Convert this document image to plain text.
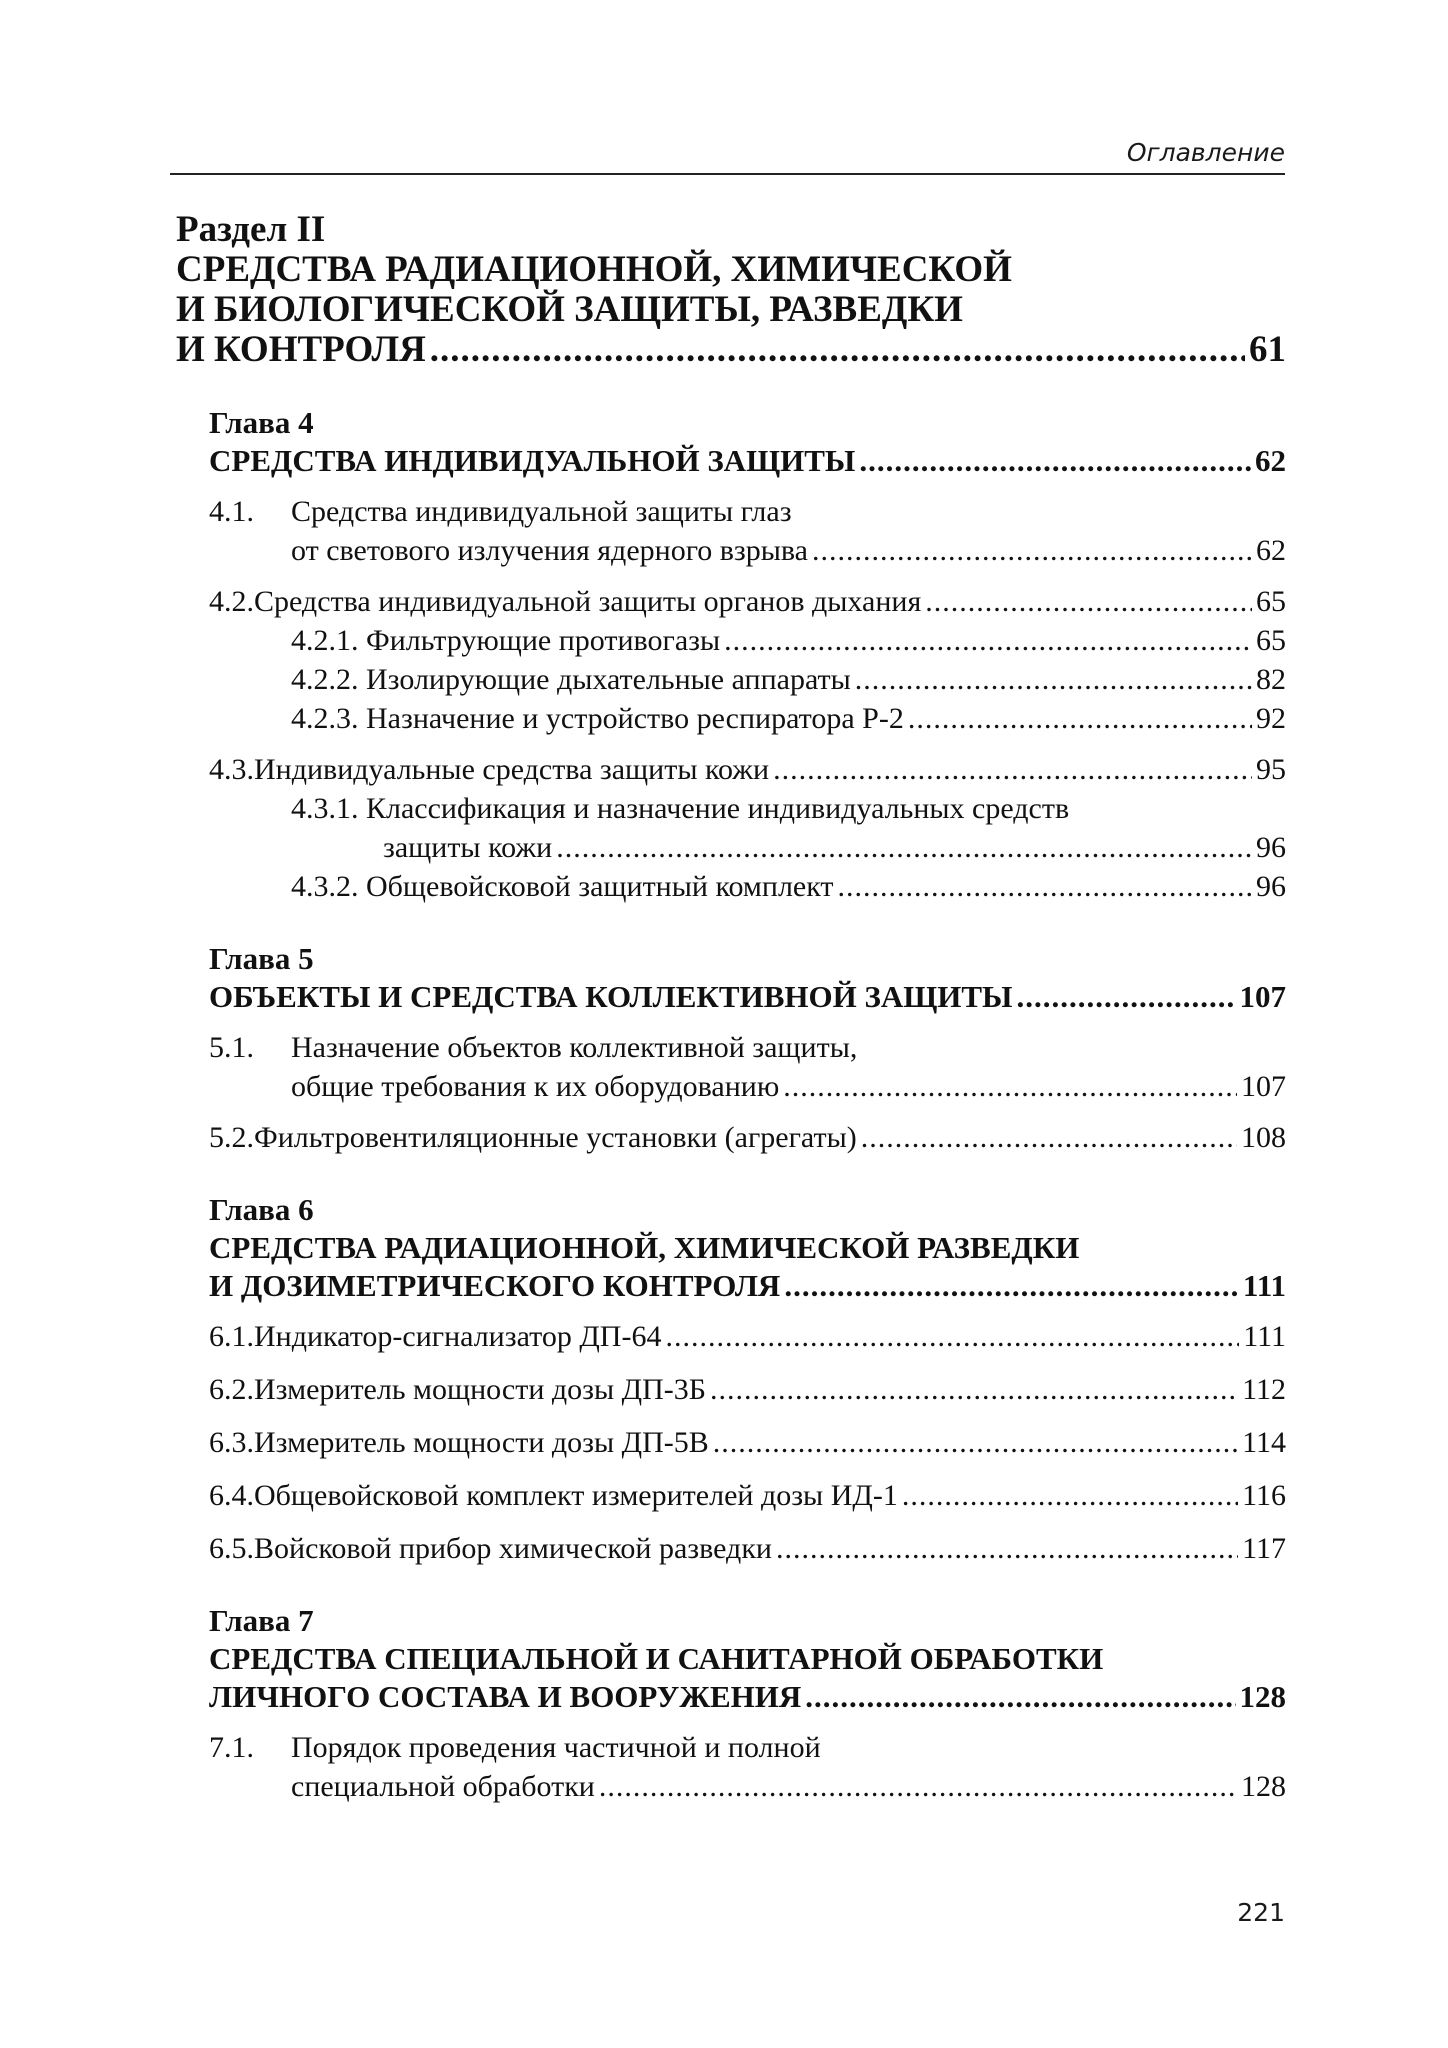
Оглавление
Раздел II
СРЕДСТВА РАДИАЦИОННОЙ, ХИМИЧЕСКОЙ
И БИОЛОГИЧЕСКОЙ ЗАЩИТЫ, РАЗВЕДКИ
И КОНТРОЛЯ .....	61
Глава 4
СРЕДСТВА ИНДИВИДУАЛЬНОЙ ЗАЩИТЫ .....	62
4.1.	Средства индивидуальной защиты глаз
от светового излучения ядерного взрыва .....	62
4.2. Средства индивидуальной защиты органов дыхания .....	65
4.2.1. Фильтрующие противогазы .....	65
4.2.2. Изолирующие дыхательные аппараты .....	82
4.2.3. Назначение и устройство респиратора Р-2 .....	92
4.3. Индивидуальные средства защиты кожи .....	95
4.3.1. Классификация и назначение индивидуальных средств
защиты кожи .....	96
4.3.2. Общевойсковой защитный комплект .....	96
Глава 5
ОБЪЕКТЫ И СРЕДСТВА КОЛЛЕКТИВНОЙ ЗАЩИТЫ .....	107
5.1.	Назначение объектов коллективной защиты,
общие требования к их оборудованию .....	107
5.2. Фильтровентиляционные установки (агрегаты) .....	108
Глава 6
СРЕДСТВА РАДИАЦИОННОЙ, ХИМИЧЕСКОЙ РАЗВЕДКИ
И ДОЗИМЕТРИЧЕСКОГО КОНТРОЛЯ .....	111
6.1. Индикатор-сигнализатор ДП-64 .....	111
6.2. Измеритель мощности дозы ДП-3Б .....	112
6.3. Измеритель мощности дозы ДП-5В .....	114
6.4. Общевойсковой комплект измерителей дозы ИД-1 .....	116
6.5. Войсковой прибор химической разведки .....	117
Глава 7
СРЕДСТВА СПЕЦИАЛЬНОЙ И САНИТАРНОЙ ОБРАБОТКИ
ЛИЧНОГО СОСТАВА И ВООРУЖЕНИЯ .....	128
7.1.	Порядок проведения частичной и полной
специальной обработки .....	128
221
